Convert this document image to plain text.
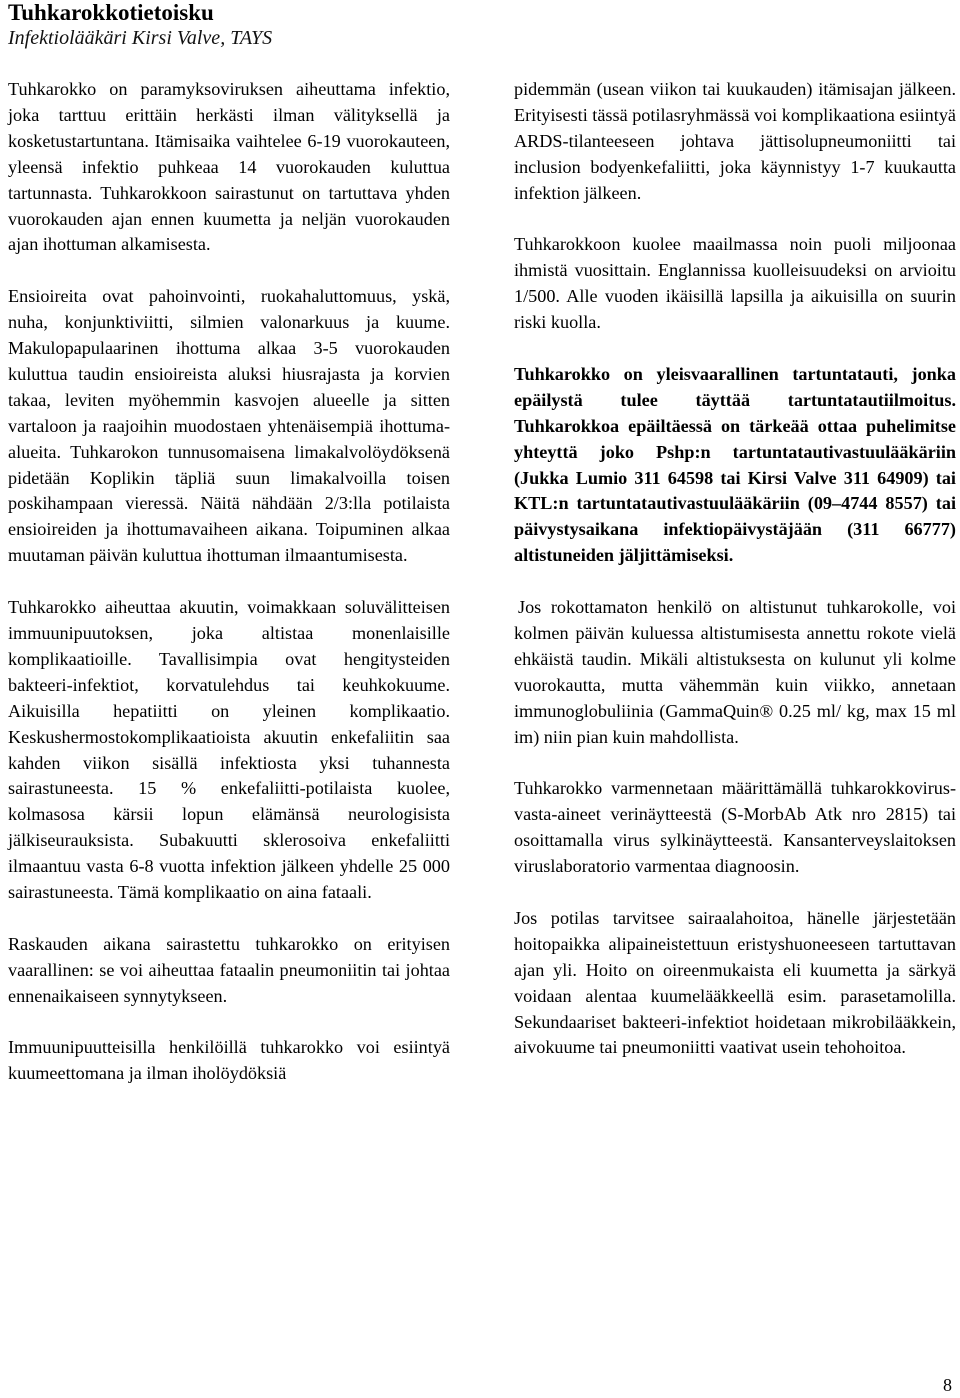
Tuhkarokkotietoisku

Infektiolääkäri Kirsi Valve, TAYS

Tuhkarokko on paramyksoviruksen aiheuttama infektio, joka tarttuu erittäin herkästi ilman välityksellä ja kosketustartuntana. Itämisaika vaihtelee 6-19 vuorokauteen, yleensä infektio puhkeaa 14 vuorokauden kuluttua tartunnasta. Tuhkarokkoon sairastunut on tartuttava yhden vuorokauden ajan ennen kuumetta ja neljän vuorokauden ajan ihottuman alkamisesta.

Ensioireita ovat pahoinvointi, ruokahaluttomuus, yskä, nuha, konjunktiviitti, silmien valonarkuus ja kuume. Makulopapulaarinen ihottuma alkaa 3-5 vuorokauden kuluttua taudin ensioireista aluksi hiusrajasta ja korvien takaa, leviten myöhemmin kasvojen alueelle ja sitten vartaloon ja raajoihin muodostaen yhtenäisempiä ihottuma-alueita. Tuhkarokon tunnusomaisena limakalvolöydöksenä pidetään Koplikin täpliä suun limakalvoilla toisen poskihampaan vieressä. Näitä nähdään 2/3:lla potilaista ensioireiden ja ihottumavaiheen aikana. Toipuminen alkaa muutaman päivän kuluttua ihottuman ilmaantumisesta.

Tuhkarokko aiheuttaa akuutin, voimakkaan soluvälitteisen immuunipuutoksen, joka altistaa monenlaisille komplikaatioille. Tavallisimpia ovat hengitysteiden bakteeri-infektiot, korvatulehdus tai keuhkokuume. Aikuisilla hepatiitti on yleinen komplikaatio. Keskushermostokomplikaatioista akuutin enkefaliitin saa kahden viikon sisällä infektiosta yksi tuhannesta sairastuneesta. 15 % enkefaliitti-potilaista kuolee, kolmasosa kärsii lopun elämänsä neurologisista jälkiseurauksista. Subakuutti sklerosoiva enkefaliitti ilmaantuu vasta 6-8 vuotta infektion jälkeen yhdelle 25 000 sairastuneesta. Tämä komplikaatio on aina fataali.

Raskauden aikana sairastettu tuhkarokko on erityisen vaarallinen: se voi aiheuttaa fataalin pneumoniitin tai johtaa ennenaikaiseen synnytykseen.

Immuunipuutteisilla henkilöillä tuhkarokko voi esiintyä kuumeettomana ja ilman iholöydöksiä

pidemmän (usean viikon tai kuukauden) itämisajan jälkeen. Erityisesti tässä potilasryhmässä voi komplikaationa esiintyä ARDS-tilanteeseen johtava jättisolupneumoniitti tai inclusion bodyenkefaliitti, joka käynnistyy 1-7 kuukautta infektion jälkeen.

Tuhkarokkoon kuolee maailmassa noin puoli miljoonaa ihmistä vuosittain. Englannissa kuolleisuudeksi on arvioitu 1/500. Alle vuoden ikäisillä lapsilla ja aikuisilla on suurin riski kuolla.

Tuhkarokko on yleisvaarallinen tartuntatauti, jonka epäilystä tulee täyttää tartuntatautiilmoitus. Tuhkarokkoa epäiltäessä on tärkeää ottaa puhelimitse yhteyttä joko Pshp:n tartuntatautivastuulääkäriin (Jukka Lumio 311 64598 tai Kirsi Valve 311 64909) tai KTL:n tartuntatautivastuulääkäriin (09–4744 8557) tai päivystysaikana infektiopäivystäjään (311 66777) altistuneiden jäljittämiseksi.

Jos rokottamaton henkilö on altistunut tuhkarokolle, voi kolmen päivän kuluessa altistumisesta annettu rokote vielä ehkäistä taudin. Mikäli altistuksesta on kulunut yli kolme vuorokautta, mutta vähemmän kuin viikko, annetaan immunoglobuliinia (GammaQuin® 0.25 ml/ kg, max 15 ml im) niin pian kuin mahdollista.

Tuhkarokko varmennetaan määrittämällä tuhkarokkovirus-vasta-aineet verinäytteestä (S-MorbAb Atk nro 2815) tai osoittamalla virus sylkinäytteestä. Kansanterveyslaitoksen viruslaboratorio varmentaa diagnoosin.

Jos potilas tarvitsee sairaalahoitoa, hänelle järjestetään hoitopaikka alipaineistettuun eristyshuoneeseen tartuttavan ajan yli. Hoito on oireenmukaista eli kuumetta ja särkyä voidaan alentaa kuumelääkkeellä esim. parasetamolilla. Sekundaariset bakteeri-infektiot hoidetaan mikrobilääkkein, aivokuume tai pneumoniitti vaativat usein tehohoitoa.

8
